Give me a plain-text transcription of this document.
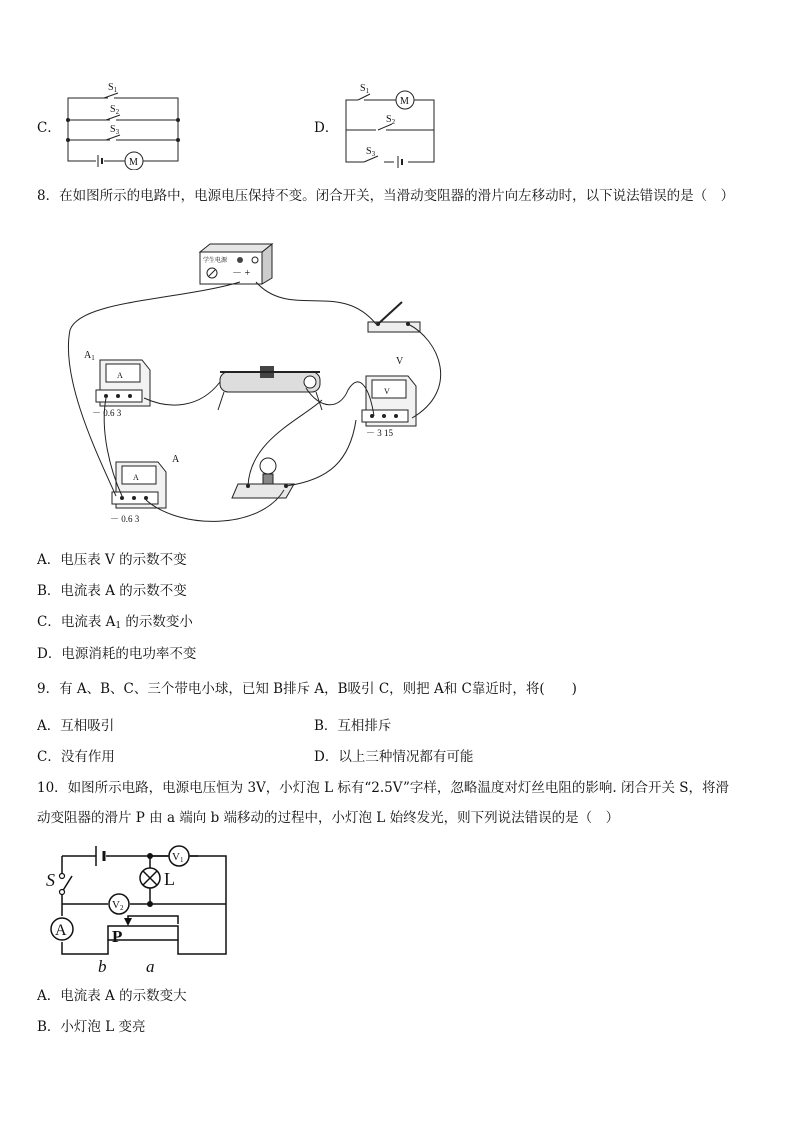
C．
$S_1$
$S_2$
$S_3$
M
D．
M
$S_1$
$S_2$
$S_3$
8．在如图所示的电路中，电源电压保持不变。闭合开关，当滑动变阻器的滑片向左移动时，以下说法错误的是（　）
学生电源
－ +
$A_1$
A
－ 0.6 3
V
V
－ 3 15
A
A
－ 0.6 3
A．电压表 V 的示数不变
B．电流表 A 的示数不变
C．电流表 $A_1$ 的示数变小
D．电源消耗的电功率不变
9．有 A、B、C、三个带电小球，已知 B排斥 A，B吸引 C，则把 A和 C靠近时，将(　　)
A．互相吸引	B．互相排斥
C．没有作用	D．以上三种情况都有可能
10．如图所示电路，电源电压恒为 3V，小灯泡 L 标有“2.5V”字样，忽略温度对灯丝电阻的影响. 闭合开关 S，将滑
动变阻器的滑片 P 由 a 端向 b 端移动的过程中，小灯泡 L 始终发光，则下列说法错误的是（　）
S	L
V1
V2
A	P
b a
A．电流表 A 的示数变大
B．小灯泡 L 变亮
